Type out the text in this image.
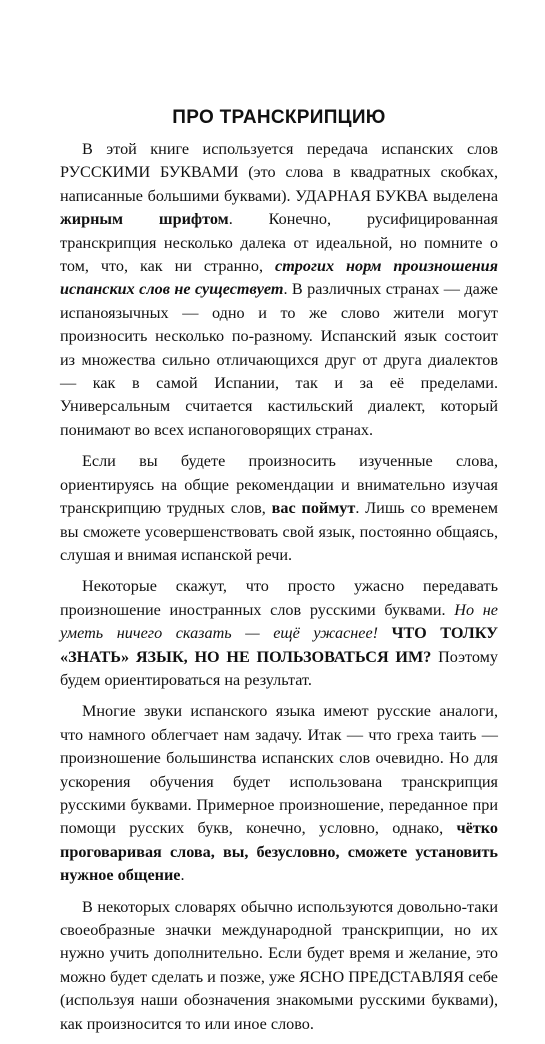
ПРО ТРАНСКРИПЦИЮ

В этой книге используется передача испанских слов РУССКИМИ БУКВАМИ (это слова в квадратных скобках, написанные большими буквами). УДАРНАЯ БУКВА выделена жирным шрифтом. Конечно, русифицированная транскрипция несколько далека от идеальной, но помните о том, что, как ни странно, строгих норм произношения испанских слов не существует. В различных странах — даже испаноязычных — одно и то же слово жители могут произносить несколько по-разному. Испанский язык состоит из множества сильно отличающихся друг от друга диалектов — как в самой Испании, так и за её пределами. Универсальным считается кастильский диалект, который понимают во всех испаноговорящих странах.

Если вы будете произносить изученные слова, ориентируясь на общие рекомендации и внимательно изучая транскрипцию трудных слов, вас поймут. Лишь со временем вы сможете усовершенствовать свой язык, постоянно общаясь, слушая и внимая испанской речи.

Некоторые скажут, что просто ужасно передавать произношение иностранных слов русскими буквами. Но не уметь ничего сказать — ещё ужаснее! ЧТО ТОЛКУ «ЗНАТЬ» ЯЗЫК, НО НЕ ПОЛЬЗОВАТЬСЯ ИМ? Поэтому будем ориентироваться на результат.

Многие звуки испанского языка имеют русские аналоги, что намного облегчает нам задачу. Итак — что греха таить — произношение большинства испанских слов очевидно. Но для ускорения обучения будет использована транскрипция русскими буквами. Примерное произношение, переданное при помощи русских букв, конечно, условно, однако, чётко проговаривая слова, вы, безусловно, сможете установить нужное общение.

В некоторых словарях обычно используются довольно-таки своеобразные значки международной транскрипции, но их нужно учить дополнительно. Если будет время и желание, это можно будет сделать и позже, уже ЯСНО ПРЕДСТАВЛЯЯ себе (используя наши обозначения знакомыми русскими буквами), как произносится то или иное слово.
